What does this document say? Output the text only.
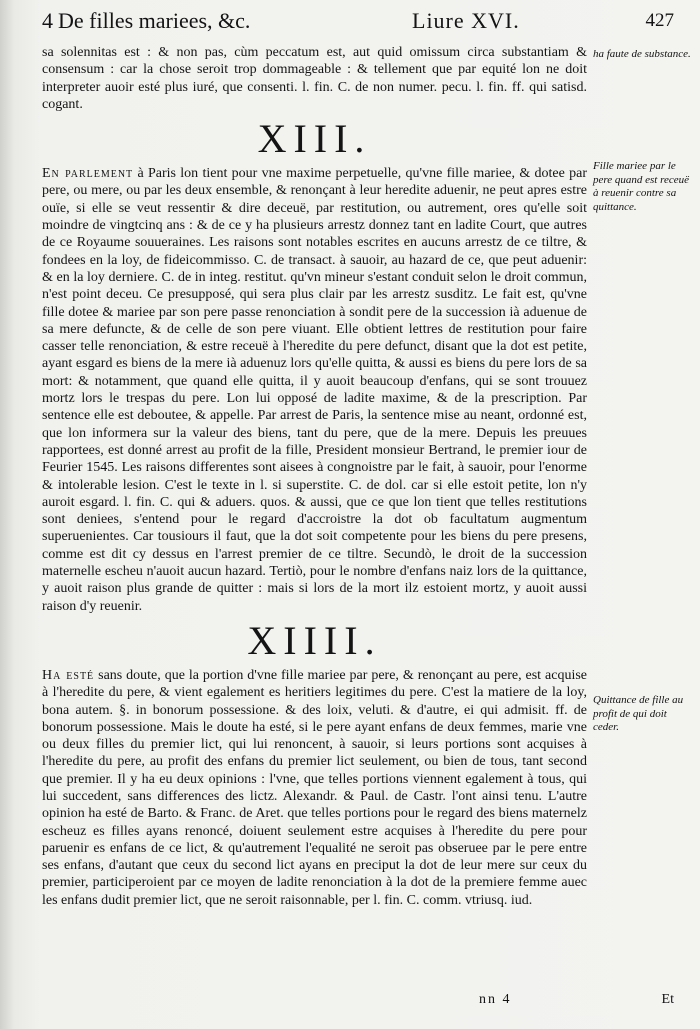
4 De filles mariees, &c.	Liure XVI.	427

sa solennitas est : & non pas, cùm peccatum est, aut quid omissum circa substantiam & consensum : car la chose seroit trop dommageable : & tellement que par equité lon ne doit interpreter auoir esté plus iuré, que consenti. l. fin. C. de non numer. pecu. l. fin. ff. qui satisd. cogant.

XIII.

En parlement à Paris lon tient pour vne maxime perpetuelle, qu'vne fille mariee, & dotee par pere, ou mere, ou par les deux ensemble, & renonçant à leur heredite aduenir, ne peut apres estre ouïe, si elle se veut ressentir & dire deceuë, par restitution, ou autrement, ores qu'elle soit moindre de vingtcinq ans : & de ce y ha plusieurs arrestz donnez tant en ladite Court, que autres de ce Royaume souueraines. Les raisons sont notables escrites en aucuns arrestz de ce tiltre, & fondees en la loy, de fideicommisso. C. de transact. à sauoir, au hazard de ce, que peut aduenir: & en la loy derniere. C. de in integ. restitut. qu'vn mineur s'estant conduit selon le droit commun, n'est point deceu. Ce presupposé, qui sera plus clair par les arrestz susditz. Le fait est, qu'vne fille dotee & mariee par son pere passe renonciation à sondit pere de la succession ià aduenue de sa mere defuncte, & de celle de son pere viuant. Elle obtient lettres de restitution pour faire casser telle renonciation, & estre receuë à l'heredite du pere defunct, disant que la dot est petite, ayant esgard es biens de la mere ià aduenuz lors qu'elle quitta, & aussi es biens du pere lors de sa mort: & notamment, que quand elle quitta, il y auoit beaucoup d'enfans, qui se sont trouuez mortz lors le trespas du pere. Lon lui opposé de ladite maxime, & de la prescription. Par sentence elle est deboutee, & appelle. Par arrest de Paris, la sentence mise au neant, ordonné est, que lon informera sur la valeur des biens, tant du pere, que de la mere. Depuis les preuues rapportees, est donné arrest au profit de la fille, President monsieur Bertrand, le premier iour de Feurier 1545. Les raisons differentes sont aisees à congnoistre par le fait, à sauoir, pour l'enorme & intolerable lesion. C'est le texte in l. si superstite. C. de dol. car si elle estoit petite, lon n'y auroit esgard. l. fin. C. qui & aduers. quos. & aussi, que ce que lon tient que telles restitutions sont deniees, s'entend pour le regard d'accroistre la dot ob facultatum augmentum superuenientes. Car tousiours il faut, que la dot soit competente pour les biens du pere presens, comme est dit cy dessus en l'arrest premier de ce tiltre. Secundò, le droit de la succession maternelle escheu n'auoit aucun hazard. Tertiò, pour le nombre d'enfans naiz lors de la quittance, y auoit raison plus grande de quitter : mais si lors de la mort ilz estoient mortz, y auoit aussi raison d'y reuenir.

XIIII.

Ha esté sans doute, que la portion d'vne fille mariee par pere, & renonçant au pere, est acquise à l'heredite du pere, & vient egalement es heritiers legitimes du pere. C'est la matiere de la loy, bona autem. §. in bonorum possessione. & des loix, veluti. & d'autre, ei qui admisit. ff. de bonorum possessione. Mais le doute ha esté, si le pere ayant enfans de deux femmes, marie vne ou deux filles du premier lict, qui lui renoncent, à sauoir, si leurs portions sont acquises à l'heredite du pere, au profit des enfans du premier lict seulement, ou bien de tous, tant second que premier. Il y ha eu deux opinions : l'vne, que telles portions viennent egalement à tous, qui lui succedent, sans differences des lictz. Alexandr. & Paul. de Castr. l'ont ainsi tenu. L'autre opinion ha esté de Barto. & Franc. de Aret. que telles portions pour le regard des biens maternelz escheuz es filles ayans renoncé, doiuent seulement estre acquises à l'heredite du pere pour paruenir es enfans de ce lict, & qu'autrement l'equalité ne seroit pas obseruee par le pere entre ses enfans, d'autant que ceux du second lict ayans en preciput la dot de leur mere sur ceux du premier, participeroient par ce moyen de ladite renonciation à la dot de la premiere femme auec les enfans dudit premier lict, que ne seroit raisonnable, per l. fin. C. comm. vtriusq. iud.

ha faute de substance.
Fille mariee par le pere quand est receuë à reuenir contre sa quittance.
Quittance de fille au profit de qui doit ceder.
nn 4	Et
